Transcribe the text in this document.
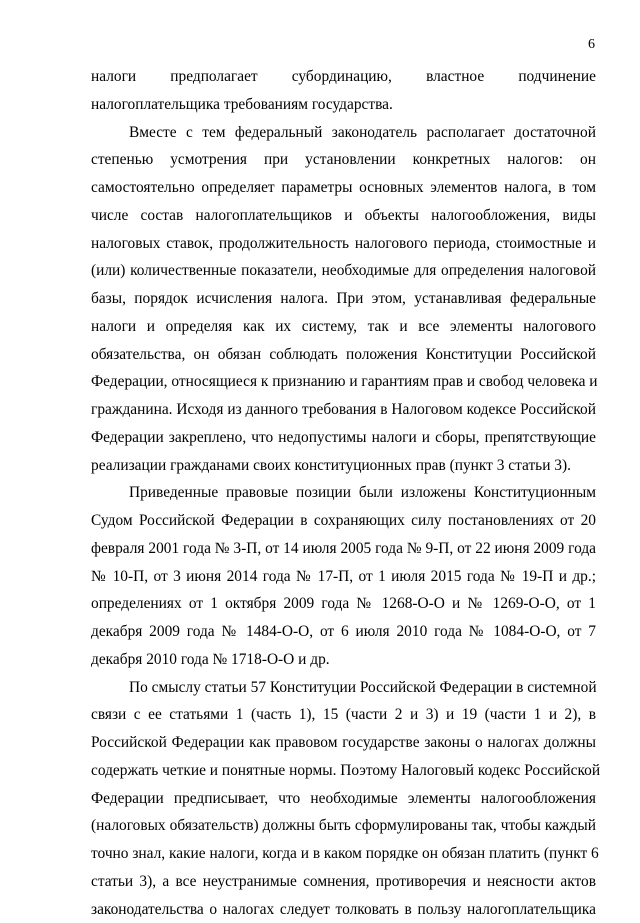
6
налоги предполагает субординацию, властное подчинение
налогоплательщика требованиям государства.
Вместе с тем федеральный законодатель располагает достаточной
степенью усмотрения при установлении конкретных налогов: он
самостоятельно определяет параметры основных элементов налога, в том
числе состав налогоплательщиков и объекты налогообложения, виды
налоговых ставок, продолжительность налогового периода, стоимостные и
(или) количественные показатели, необходимые для определения налоговой
базы, порядок исчисления налога. При этом, устанавливая федеральные
налоги и определяя как их систему, так и все элементы налогового
обязательства, он обязан соблюдать положения Конституции Российской
Федерации, относящиеся к признанию и гарантиям прав и свобод человека и
гражданина. Исходя из данного требования в Налоговом кодексе Российской
Федерации закреплено, что недопустимы налоги и сборы, препятствующие
реализации гражданами своих конституционных прав (пункт 3 статьи 3).
Приведенные правовые позиции были изложены Конституционным
Судом Российской Федерации в сохраняющих силу постановлениях от 20
февраля 2001 года № 3-П, от 14 июля 2005 года № 9-П, от 22 июня 2009 года
№ 10-П, от 3 июня 2014 года № 17-П, от 1 июля 2015 года № 19-П и др.;
определениях от 1 октября 2009 года № 1268-О-О и № 1269-О-О, от 1
декабря 2009 года № 1484-О-О, от 6 июля 2010 года № 1084-О-О, от 7
декабря 2010 года № 1718-О-О и др.
По смыслу статьи 57 Конституции Российской Федерации в системной
связи с ее статьями 1 (часть 1), 15 (части 2 и 3) и 19 (части 1 и 2), в
Российской Федерации как правовом государстве законы о налогах должны
содержать четкие и понятные нормы. Поэтому Налоговый кодекс Российской
Федерации предписывает, что необходимые элементы налогообложения
(налоговых обязательств) должны быть сформулированы так, чтобы каждый
точно знал, какие налоги, когда и в каком порядке он обязан платить (пункт 6
статьи 3), а все неустранимые сомнения, противоречия и неясности актов
законодательства о налогах следует толковать в пользу налогоплательщика
